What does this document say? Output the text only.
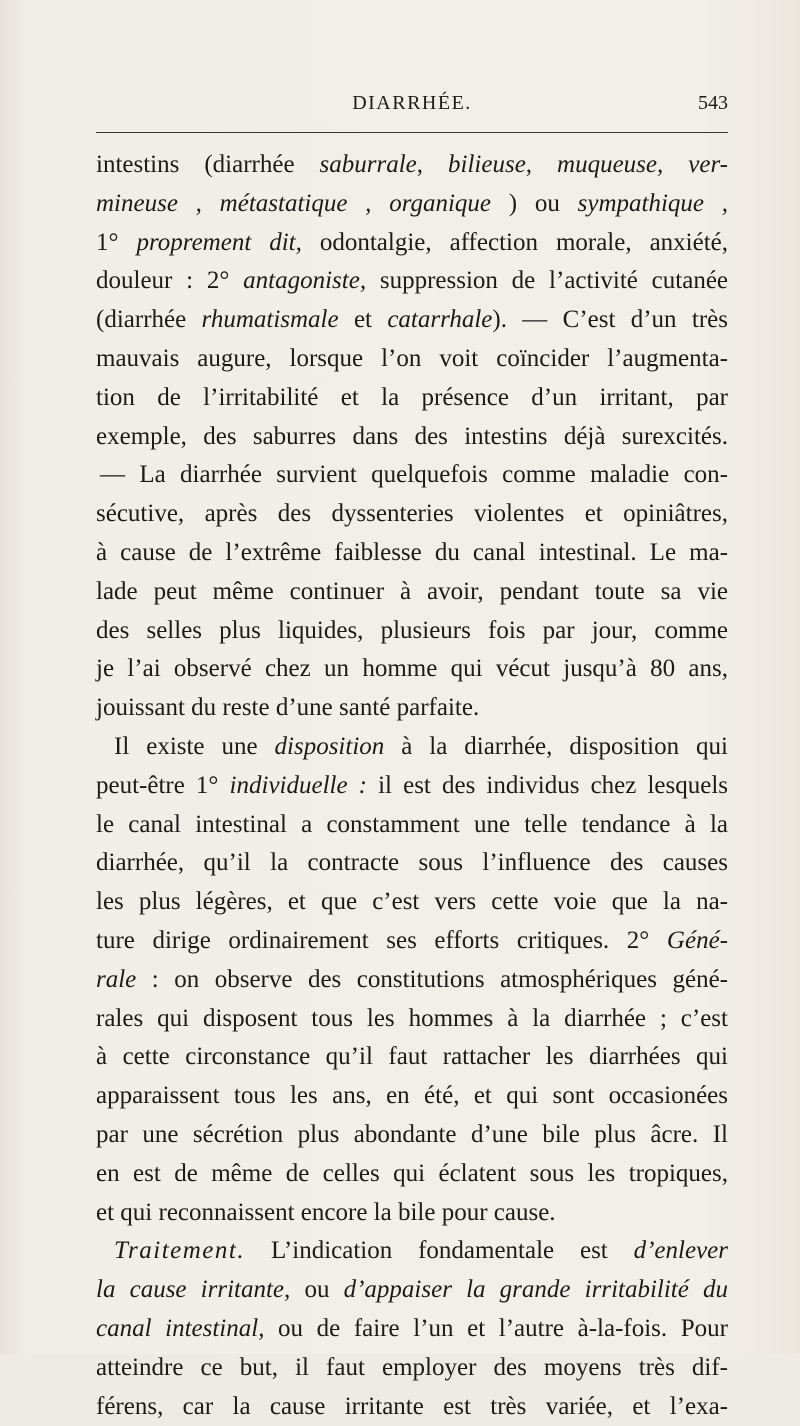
DIARRHÉE.	543
intestins (diarrhée saburrale, bilieuse, muqueuse, ver-
mineuse , métastatique , organique ) ou sympathique ,
1° proprement dit, odontalgie, affection morale, anxiété,
douleur : 2° antagoniste, suppression de l’activité cutanée
(diarrhée rhumatismale et catarrhale). — C’est d’un très
mauvais augure, lorsque l’on voit coïncider l’augmenta-
tion de l’irritabilité et la présence d’un irritant, par
exemple, des saburres dans des intestins déjà surexcités.
— La diarrhée survient quelquefois comme maladie con-
sécutive, après des dyssenteries violentes et opiniâtres,
à cause de l’extrême faiblesse du canal intestinal. Le ma-
lade peut même continuer à avoir, pendant toute sa vie
des selles plus liquides, plusieurs fois par jour, comme
je l’ai observé chez un homme qui vécut jusqu’à 80 ans,
jouissant du reste d’une santé parfaite.
Il existe une disposition à la diarrhée, disposition qui
peut-être 1° individuelle : il est des individus chez lesquels
le canal intestinal a constamment une telle tendance à la
diarrhée, qu’il la contracte sous l’influence des causes
les plus légères, et que c’est vers cette voie que la na-
ture dirige ordinairement ses efforts critiques. 2° Géné-
rale : on observe des constitutions atmosphériques géné-
rales qui disposent tous les hommes à la diarrhée ; c’est
à cette circonstance qu’il faut rattacher les diarrhées qui
apparaissent tous les ans, en été, et qui sont occasionées
par une sécrétion plus abondante d’une bile plus âcre. Il
en est de même de celles qui éclatent sous les tropiques,
et qui reconnaissent encore la bile pour cause.
Traitement. L’indication fondamentale est d’enlever
la cause irritante, ou d’appaiser la grande irritabilité du
canal intestinal, ou de faire l’un et l’autre à-la-fois. Pour
atteindre ce but, il faut employer des moyens très dif-
férens, car la cause irritante est très variée, et l’exa-
